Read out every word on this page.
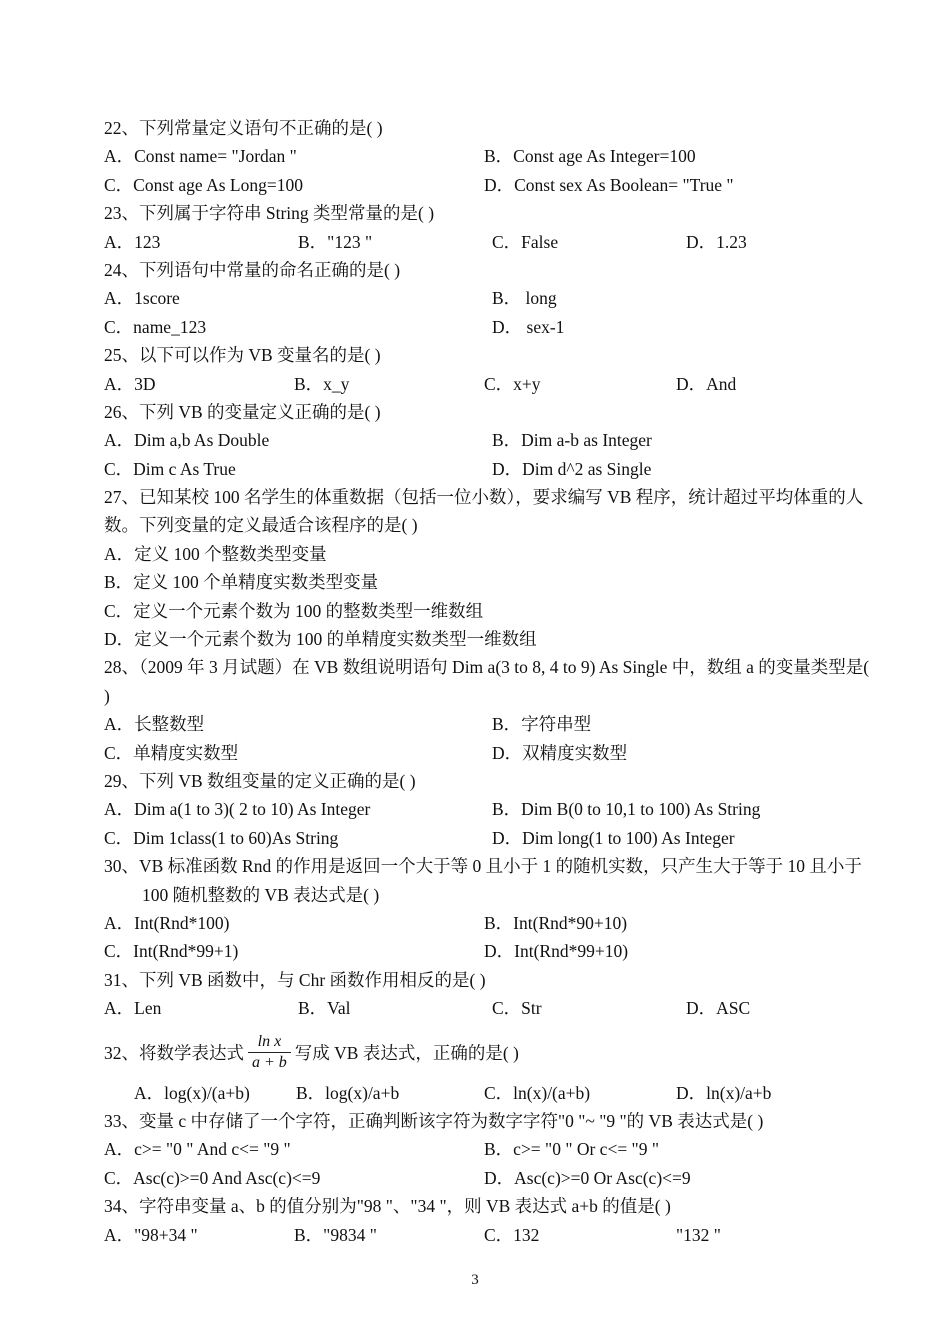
22、下列常量定义语句不正确的是( )
A．Const name= "Jordan "	B．Const age As Integer=100
C．Const age As Long=100	D．Const sex As Boolean= "True "
23、下列属于字符串 String 类型常量的是( )
A．123	B．"123 "	C．False	D．1.23
24、下列语句中常量的命名正确的是( )
A．1score	B． long
C．name_123	D． sex-1
25、以下可以作为 VB 变量名的是( )
A．3D	B．x_y	C．x+y	D．And
26、下列 VB 的变量定义正确的是( )
A．Dim a,b As Double	B．Dim a-b as Integer
C．Dim c As True	D．Dim d^2 as Single
27、已知某校 100 名学生的体重数据（包括一位小数），要求编写 VB 程序，统计超过平均体重的人数。下列变量的定义最适合该程序的是( )
A．定义 100 个整数类型变量
B．定义 100 个单精度实数类型变量
C．定义一个元素个数为 100 的整数类型一维数组
D．定义一个元素个数为 100 的单精度实数类型一维数组
28、（2009 年 3 月试题）在 VB 数组说明语句 Dim a(3 to 8, 4 to 9) As Single 中，数组 a 的变量类型是( )
A．长整数型	B．字符串型
C．单精度实数型	D．双精度实数型
29、下列 VB 数组变量的定义正确的是( )
A．Dim a(1 to 3)( 2 to 10) As Integer	B．Dim B(0 to 10,1 to 100) As String
C．Dim 1class(1 to 60)As String	D．Dim long(1 to 100) As Integer
30、VB 标准函数 Rnd 的作用是返回一个大于等 0 且小于 1 的随机实数，只产生大于等于 10 且小于 100 随机整数的 VB 表达式是( )
A．Int(Rnd*100)	B．Int(Rnd*90+10)
C．Int(Rnd*99+1)	D．Int(Rnd*99+10)
31、下列 VB 函数中，与 Chr 函数作用相反的是( )
A．Len	B．Val	C．Str	D．ASC
32、将数学表达式 $\frac{\text{ln x}}{a + b}$ 写成 VB 表达式，正确的是( )
A．log(x)/(a+b)	B．log(x)/a+b	C．ln(x)/(a+b)	D．ln(x)/a+b
33、变量 c 中存储了一个字符，正确判断该字符为数字字符"0 "~ "9 "的 VB 表达式是( )
A．c>= "0 " And c<= "9 "	B．c>= "0 " Or c<= "9 "
C．Asc(c)>=0 And Asc(c)<=9	D．Asc(c)>=0 Or Asc(c)<=9
34、字符串变量 a、b 的值分别为"98 "、"34 "，则 VB 表达式 a+b 的值是( )
A．"98+34 "	B．"9834 "	C．132	"132 "
3
